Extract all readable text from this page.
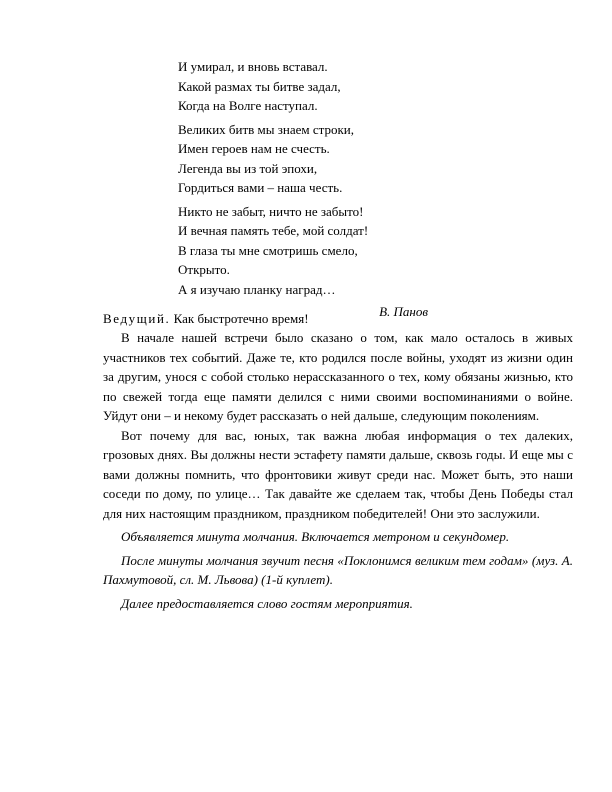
И умирал, и вновь вставал.
Какой размах ты битве задал,
Когда на Волге наступал.
Великих битв мы знаем строки,
Имен героев нам не счесть.
Легенда вы из той эпохи,
Гордиться вами – наша честь.
Никто не забыт, ничто не забыто!
И вечная память тебе, мой солдат!
В глаза ты мне смотришь смело,
Открыто.
А я изучаю планку наград…
В. Панов
Ведущий. Как быстротечно время!

В начале нашей встречи было сказано о том, как мало осталось в живых участников тех событий. Даже те, кто родился после войны, уходят из жизни один за другим, унося с собой столько нерассказанного о тех, кому обязаны жизнью, кто по свежей тогда еще памяти делился с ними своими воспоминаниями о войне. Уйдут они – и некому будет рассказать о ней дальше, следующим поколениям.

Вот почему для вас, юных, так важна любая информация о тех далеких, грозовых днях. Вы должны нести эстафету памяти дальше, сквозь годы. И еще мы с вами должны помнить, что фронтовики живут среди нас. Может быть, это наши соседи по дому, по улице… Так давайте же сделаем так, чтобы День Победы стал для них настоящим праздником, праздником победителей! Они это заслужили.

Объявляется минута молчания. Включается метроном и секундомер.

После минуты молчания звучит песня «Поклонимся великим тем годам» (муз. А. Пахмутовой, сл. М. Львова) (1-й куплет).

Далее предоставляется слово гостям мероприятия.
